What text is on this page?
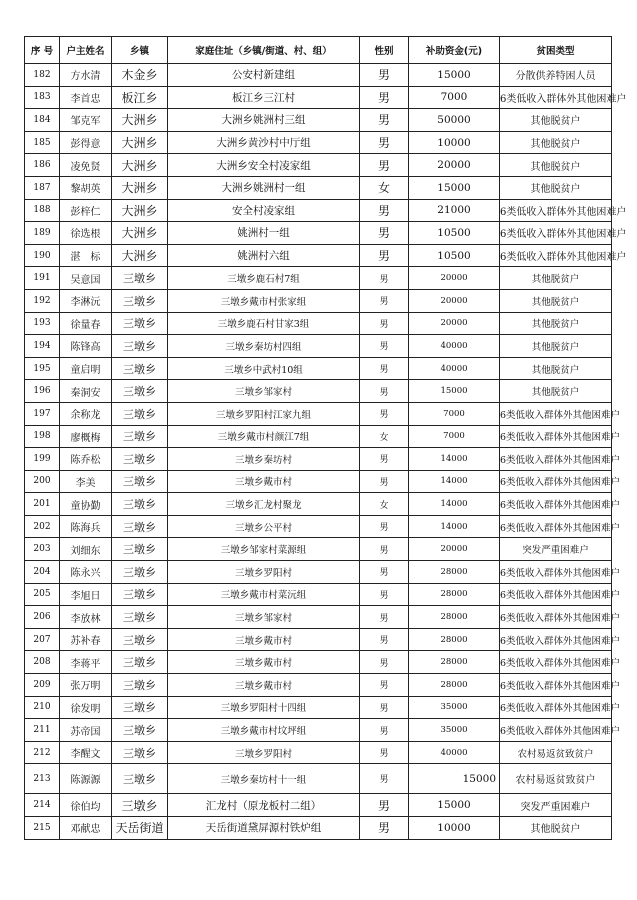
序 号	户主姓名	乡镇	家庭住址（乡镇/街道、村、组）	性别	补助资金(元)	贫困类型
182	方水清	木金乡	公安村新建组	男	15000	分散供养特困人员
183	李首忠	板江乡	板江乡三江村	男	7000	6类低收入群体外其他困难户
184	邹克军	大洲乡	大洲乡姚洲村三组	男	50000	其他脱贫户
185	彭得意	大洲乡	大洲乡黄沙村中厅组	男	10000	其他脱贫户
186	凌免贤	大洲乡	大洲乡安全村凌家组	男	20000	其他脱贫户
187	黎胡英	大洲乡	大洲乡姚洲村一组	女	15000	其他脱贫户
188	彭梓仁	大洲乡	安全村凌家组	男	21000	6类低收入群体外其他困难户
189	徐选根	大洲乡	姚洲村一组	男	10500	6类低收入群体外其他困难户
190	湛　标	大洲乡	姚洲村六组	男	10500	6类低收入群体外其他困难户
191	吴意国	三墩乡	三墩乡鹿石村7组	男	20000	其他脱贫户
192	李淋沅	三墩乡	三墩乡戴市村张家组	男	20000	其他脱贫户
193	徐量春	三墩乡	三墩乡鹿石村甘家3组	男	20000	其他脱贫户
194	陈锋高	三墩乡	三墩乡秦坊村四组	男	40000	其他脱贫户
195	童启明	三墩乡	三墩乡中武村10组	男	40000	其他脱贫户
196	秦洞安	三墩乡	三墩乡邹家村	男	15000	其他脱贫户
197	余称龙	三墩乡	三墩乡罗阳村江家九组	男	7000	6类低收入群体外其他困难户
198	廖概梅	三墩乡	三墩乡戴市村颜江7组	女	7000	6类低收入群体外其他困难户
199	陈乔松	三墩乡	三墩乡秦坊村	男	14000	6类低收入群体外其他困难户
200	李美	三墩乡	三墩乡戴市村	男	14000	6类低收入群体外其他困难户
201	童协勤	三墩乡	三墩乡汇龙村聚龙	女	14000	6类低收入群体外其他困难户
202	陈海兵	三墩乡	三墩乡公平村	男	14000	6类低收入群体外其他困难户
203	刘细东	三墩乡	三墩乡邹家村菜源组	男	20000	突发严重困难户
204	陈永兴	三墩乡	三墩乡罗阳村	男	28000	6类低收入群体外其他困难户
205	李旭日	三墩乡	三墩乡戴市村菜沅组	男	28000	6类低收入群体外其他困难户
206	李放林	三墩乡	三墩乡邹家村	男	28000	6类低收入群体外其他困难户
207	苏补春	三墩乡	三墩乡戴市村	男	28000	6类低收入群体外其他困难户
208	李蒋平	三墩乡	三墩乡戴市村	男	28000	6类低收入群体外其他困难户
209	张万明	三墩乡	三墩乡戴市村	男	28000	6类低收入群体外其他困难户
210	徐发明	三墩乡	三墩乡罗阳村十四组	男	35000	6类低收入群体外其他困难户
211	苏帝国	三墩乡	三墩乡戴市村坟坪组	男	35000	6类低收入群体外其他困难户
212	李醒文	三墩乡	三墩乡罗阳村	男	40000	农村易返贫致贫户
213	陈源源	三墩乡	三墩乡秦坊村十一组	男	15000	农村易返贫致贫户
214	徐伯均	三墩乡	汇龙村（原龙板村二组）	男	15000	突发严重困难户
215	邓献忠	天岳街道	天岳街道黛屏源村铁炉组	男	10000	其他脱贫户
